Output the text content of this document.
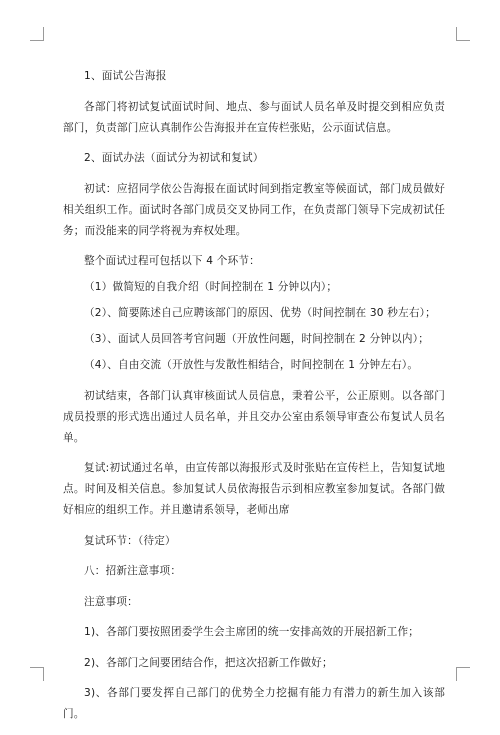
1、面试公告海报

各部门将初试复试面试时间、地点、参与面试人员名单及时提交到相应负责部门，负责部门应认真制作公告海报并在宣传栏张贴，公示面试信息。

2、面试办法（面试分为初试和复试）

初试：应招同学依公告海报在面试时间到指定教室等候面试，部门成员做好相关组织工作。面试时各部门成员交叉协同工作，在负责部门领导下完成初试任务；而没能来的同学将视为弃权处理。

整个面试过程可包括以下 4 个环节：

（1）做简短的自我介绍（时间控制在 1 分钟以内）；

（2）、简要陈述自己应聘该部门的原因、优势（时间控制在 30 秒左右）；

（3）、面试人员回答考官问题（开放性问题，时间控制在 2 分钟以内）；

（4）、自由交流（开放性与发散性相结合，时间控制在 1 分钟左右）。

初试结束，各部门认真审核面试人员信息，秉着公平，公正原则。以各部门成员投票的形式选出通过人员名单，并且交办公室由系领导审查公布复试人员名单。

复试:初试通过名单，由宣传部以海报形式及时张贴在宣传栏上，告知复试地点。时间及相关信息。参加复试人员依海报告示到相应教室参加复试。各部门做好相应的组织工作。并且邀请系领导，老师出席

复试环节：（待定）

八：招新注意事项：

注意事项：

1)、各部门要按照团委学生会主席团的统一安排高效的开展招新工作；

2)、各部门之间要团结合作，把这次招新工作做好；

3)、各部门要发挥自己部门的优势全力挖掘有能力有潜力的新生加入该部门。
